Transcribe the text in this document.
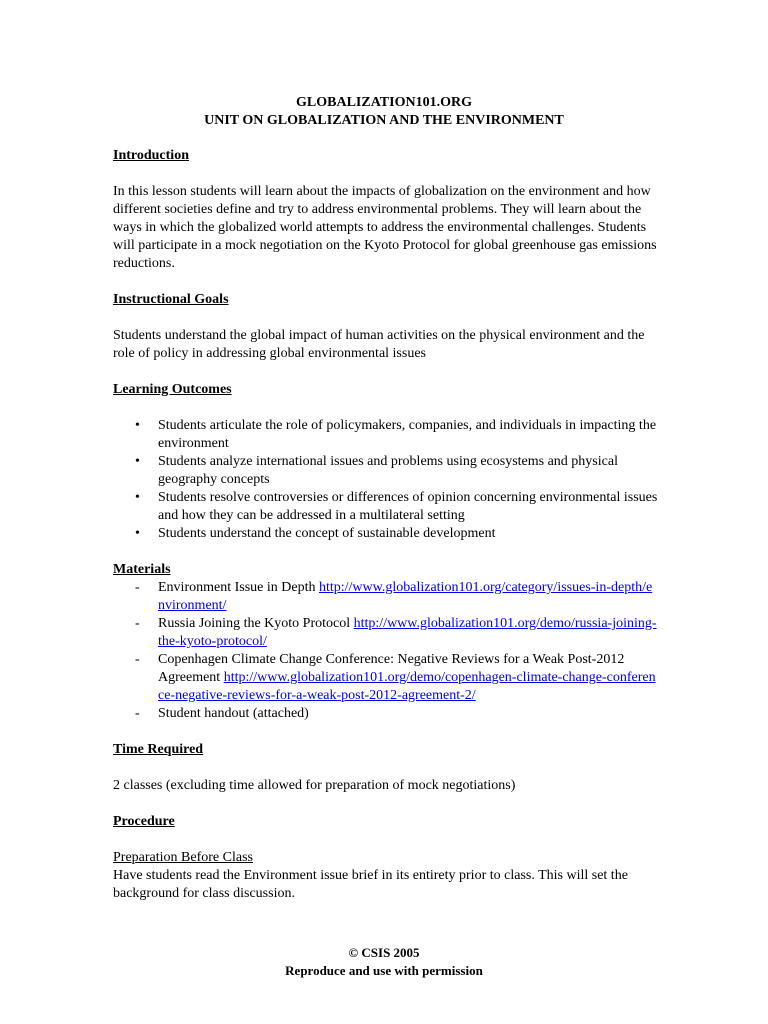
GLOBALIZATION101.ORG
UNIT ON GLOBALIZATION AND THE ENVIRONMENT

Introduction

In this lesson students will learn about the impacts of globalization on the environment and how different societies define and try to address environmental problems. They will learn about the ways in which the globalized world attempts to address the environmental challenges. Students will participate in a mock negotiation on the Kyoto Protocol for global greenhouse gas emissions reductions.

Instructional Goals

Students understand the global impact of human activities on the physical environment and the role of policy in addressing global environmental issues

Learning Outcomes

• Students articulate the role of policymakers, companies, and individuals in impacting the environment
• Students analyze international issues and problems using ecosystems and physical geography concepts
• Students resolve controversies or differences of opinion concerning environmental issues and how they can be addressed in a multilateral setting
• Students understand the concept of sustainable development

Materials

- Environment Issue in Depth http://www.globalization101.org/category/issues-in-depth/environment/
- Russia Joining the Kyoto Protocol http://www.globalization101.org/demo/russia-joining-the-kyoto-protocol/
- Copenhagen Climate Change Conference: Negative Reviews for a Weak Post-2012 Agreement http://www.globalization101.org/demo/copenhagen-climate-change-conference-negative-reviews-for-a-weak-post-2012-agreement-2/
- Student handout (attached)

Time Required

2 classes (excluding time allowed for preparation of mock negotiations)

Procedure

Preparation Before Class

Have students read the Environment issue brief in its entirety prior to class. This will set the background for class discussion.

© CSIS 2005
Reproduce and use with permission
